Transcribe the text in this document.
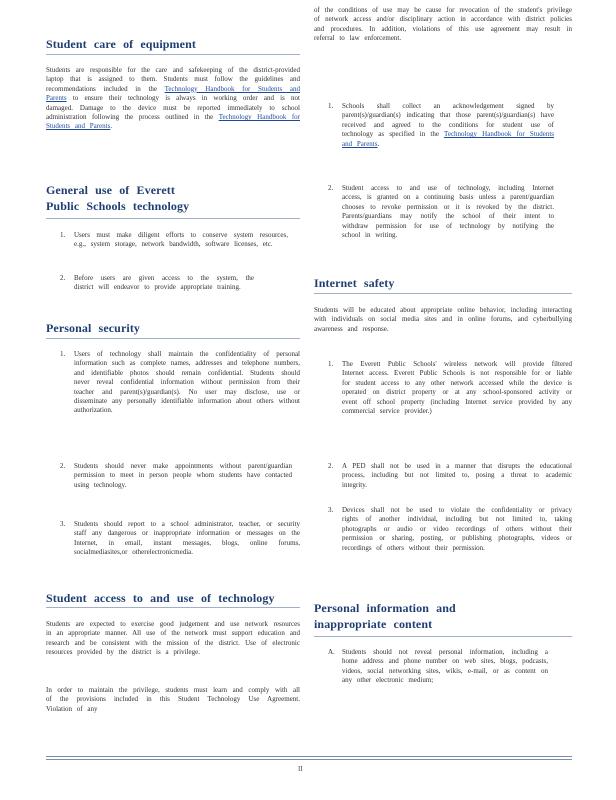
Student care of equipment
Students are responsible for the care and safekeeping of the district-provided laptop that is assigned to them. Students must follow the guidelines and recommendations included in the Technology Handbook for Students and Parents to ensure their technology is always in working order and is not damaged. Damage to the device must be reported immediately to school administration following the process outlined in the Technology Handbook for Students and Parents.
General use of Everett Public Schools technology
1. Users must make diligent efforts to conserve system resources, e.g., system storage, network bandwidth, software licenses, etc.
2. Before users are given access to the system, the district will endeavor to provide appropriate training.
Personal security
1. Users of technology shall maintain the confidentiality of personal information such as complete names, addresses and telephone numbers, and identifiable photos should remain confidential. Students should never reveal confidential information without permission from their teacher and parent(s)/guardian(s). No user may disclose, use or disseminate any personally identifiable information about others without authorization.
2. Students should never make appointments without parent/guardian permission to meet in person people whom students have contacted using technology.
3. Students should report to a school administrator, teacher, or security staff any dangerous or inappropriate information or messages on the Internet, in email, instant messages, blogs, online forums, socialmediasites,or otherelectronicmedia.
Student access to and use of technology
Students are expected to exercise good judgement and use network resources in an appropriate manner. All use of the network must support education and research and be consistent with the mission of the district. Use of electronic resources provided by the district is a privilege.
In order to maintain the privilege, students must learn and comply with all of the provisions included in this Student Technology Use Agreement. Violation of any
of the conditions of use may be cause for revocation of the student's privilege of network access and/or disciplinary action in accordance with district policies and procedures. In addition, violations of this use agreement may result in referral to law enforcement.
1. Schools shall collect an acknowledgement signed by parent(s)/guardian(s) indicating that those parent(s)/guardian(s) have received and agreed to the conditions for student use of technology as specified in the Technology Handbook for Students and Parents.
2. Student access to and use of technology, including Internet access, is granted on a continuing basis unless a parent/guardian chooses to revoke permission or it is revoked by the district. Parents/guardians may notify the school of their intent to withdraw permission for use of technology by notifying the school in writing.
Internet safety
Students will be educated about appropriate online behavior, including interacting with individuals on social media sites and in online forums, and cyberbullying awareness and response.
1. The Everett Public Schools' wireless network will provide filtered Internet access. Everett Public Schools is not responsible for or liable for student access to any other network accessed while the device is operated on district property or at any school-sponsored activity or event off school property (including Internet service provided by any commercial service provider.)
2. A PED shall not be used in a manner that disrupts the educational process, including but not limited to, posing a threat to academic integrity.
3. Devices shall not be used to violate the confidentiality or privacy rights of another individual, including but not limited to, taking photographs or audio or video recordings of others without their permission or sharing, posting, or publishing photographs, videos or recordings of others without their permission.
Personal information and inappropriate content
A. Students should not reveal personal information, including a home address and phone number on web sites, blogs, podcasts, videos, social networking sites, wikis, e-mail, or as content on any other electronic medium;
II
